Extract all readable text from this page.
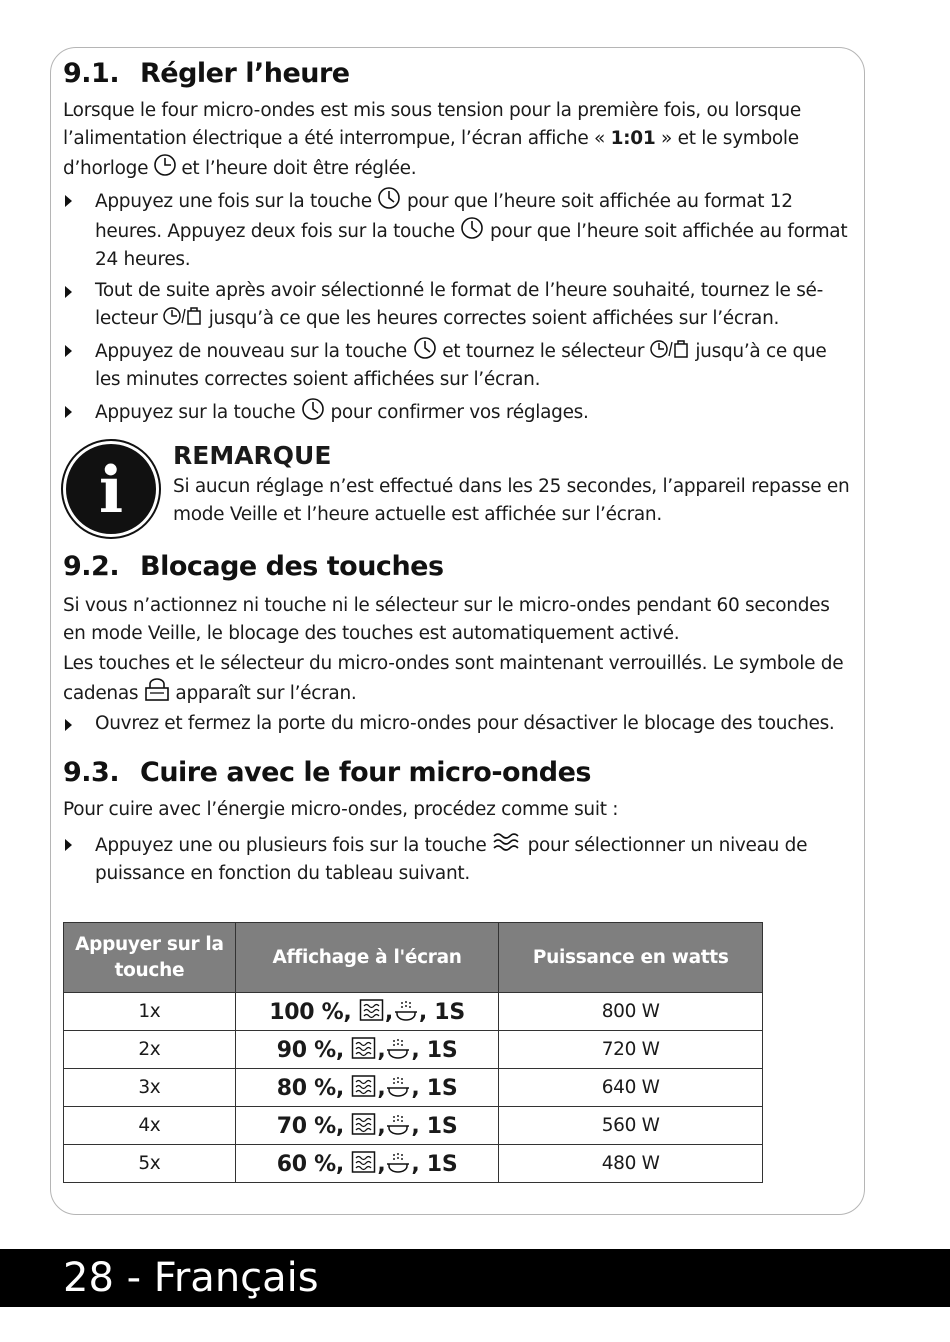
9.1. Régler l’heure

Lorsque le four micro-ondes est mis sous tension pour la première fois, ou lorsque l’alimentation électrique a été interrompue, l’écran affiche « 1:01 » et le symbole d’horloge  et l’heure doit être réglée.

Appuyez une fois sur la touche  pour que l’heure soit affichée au format 12 heures. Appuyez deux fois sur la touche  pour que l’heure soit affichée au format 24 heures.
Tout de suite après avoir sélectionné le format de l’heure souhaité, tournez le sélecteur  jusqu’à ce que les heures correctes soient affichées sur l’écran.
Appuyez de nouveau sur la touche  et tournez le sélecteur  jusqu’à ce que les minutes correctes soient affichées sur l’écran.
Appuyez sur la touche  pour confirmer vos réglages.
i	REMARQUE
Si aucun réglage n’est effectué dans les 25 secondes, l’appareil repasse en mode Veille et l’heure actuelle est affichée sur l’écran.
9.2. Blocage des touches

Si vous n’actionnez ni touche ni le sélecteur sur le micro-ondes pendant 60 secondes en mode Veille, le blocage des touches est automatiquement activé.

Les touches et le sélecteur du micro-ondes sont maintenant verrouillés. Le symbole de cadenas  apparaît sur l’écran.

Ouvrez et fermez la porte du micro-ondes pour désactiver le blocage des touches.
9.3. Cuire avec le four micro-ondes

Pour cuire avec l’énergie micro-ondes, procédez comme suit :

Appuyez une ou plusieurs fois sur la touche  pour sélectionner un niveau de puissance en fonction du tableau suivant.
Appuyer sur la touche	Affichage à l'écran	Puissance en watts
1x	100 %, , , 1S	800 W
2x	90 %, , , 1S	720 W
3x	80 %, , , 1S	640 W
4x	70 %, , , 1S	560 W
5x	60 %, , , 1S	480 W
28 - Français
